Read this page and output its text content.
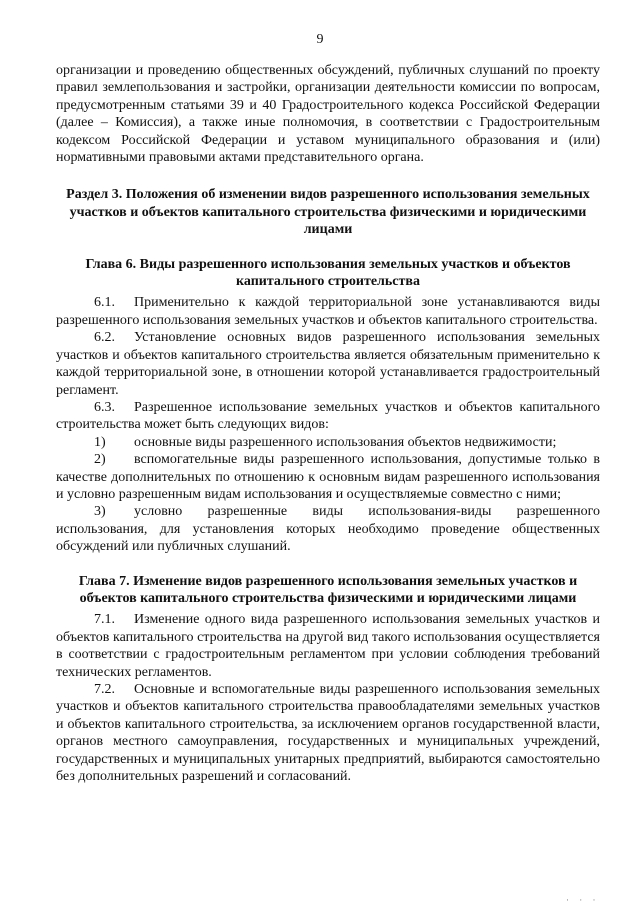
9

организации и проведению общественных обсуждений, публичных слушаний по проекту правил землепользования и застройки, организации деятельности комиссии по вопросам, предусмотренным статьями 39 и 40 Градостроительного кодекса Российской Федерации (далее – Комиссия), а также иные полномочия, в соответствии с Градостроительным кодексом Российской Федерации и уставом муниципального образования и (или) нормативными правовыми актами представительного органа.

Раздел 3. Положения об изменении видов разрешенного использования земельных участков и объектов капитального строительства физическими и юридическими лицами

Глава 6. Виды разрешенного использования земельных участков и объектов капитального строительства

6.1. Применительно к каждой территориальной зоне устанавливаются виды разрешенного использования земельных участков и объектов капитального строительства.

6.2. Установление основных видов разрешенного использования земельных участков и объектов капитального строительства является обязательным применительно к каждой территориальной зоне, в отношении которой устанавливается градостроительный регламент.

6.3. Разрешенное использование земельных участков и объектов капитального строительства может быть следующих видов:

1) основные виды разрешенного использования объектов недвижимости;

2) вспомогательные виды разрешенного использования, допустимые только в качестве дополнительных по отношению к основным видам разрешенного использования и условно разрешенным видам использования и осуществляемые совместно с ними;

3) условно разрешенные виды использования-виды разрешенного использования, для установления которых необходимо проведение общественных обсуждений или публичных слушаний.

Глава 7. Изменение видов разрешенного использования земельных участков и объектов капитального строительства физическими и юридическими лицами

7.1. Изменение одного вида разрешенного использования земельных участков и объектов капитального строительства на другой вид такого использования осуществляется в соответствии с градостроительным регламентом при условии соблюдения требований технических регламентов.

7.2. Основные и вспомогательные виды разрешенного использования земельных участков и объектов капитального строительства правообладателями земельных участков и объектов капитального строительства, за исключением органов государственной власти, органов местного самоуправления, государственных и муниципальных учреждений, государственных и муниципальных унитарных предприятий, выбираются самостоятельно без дополнительных разрешений и согласований.

· · ·
